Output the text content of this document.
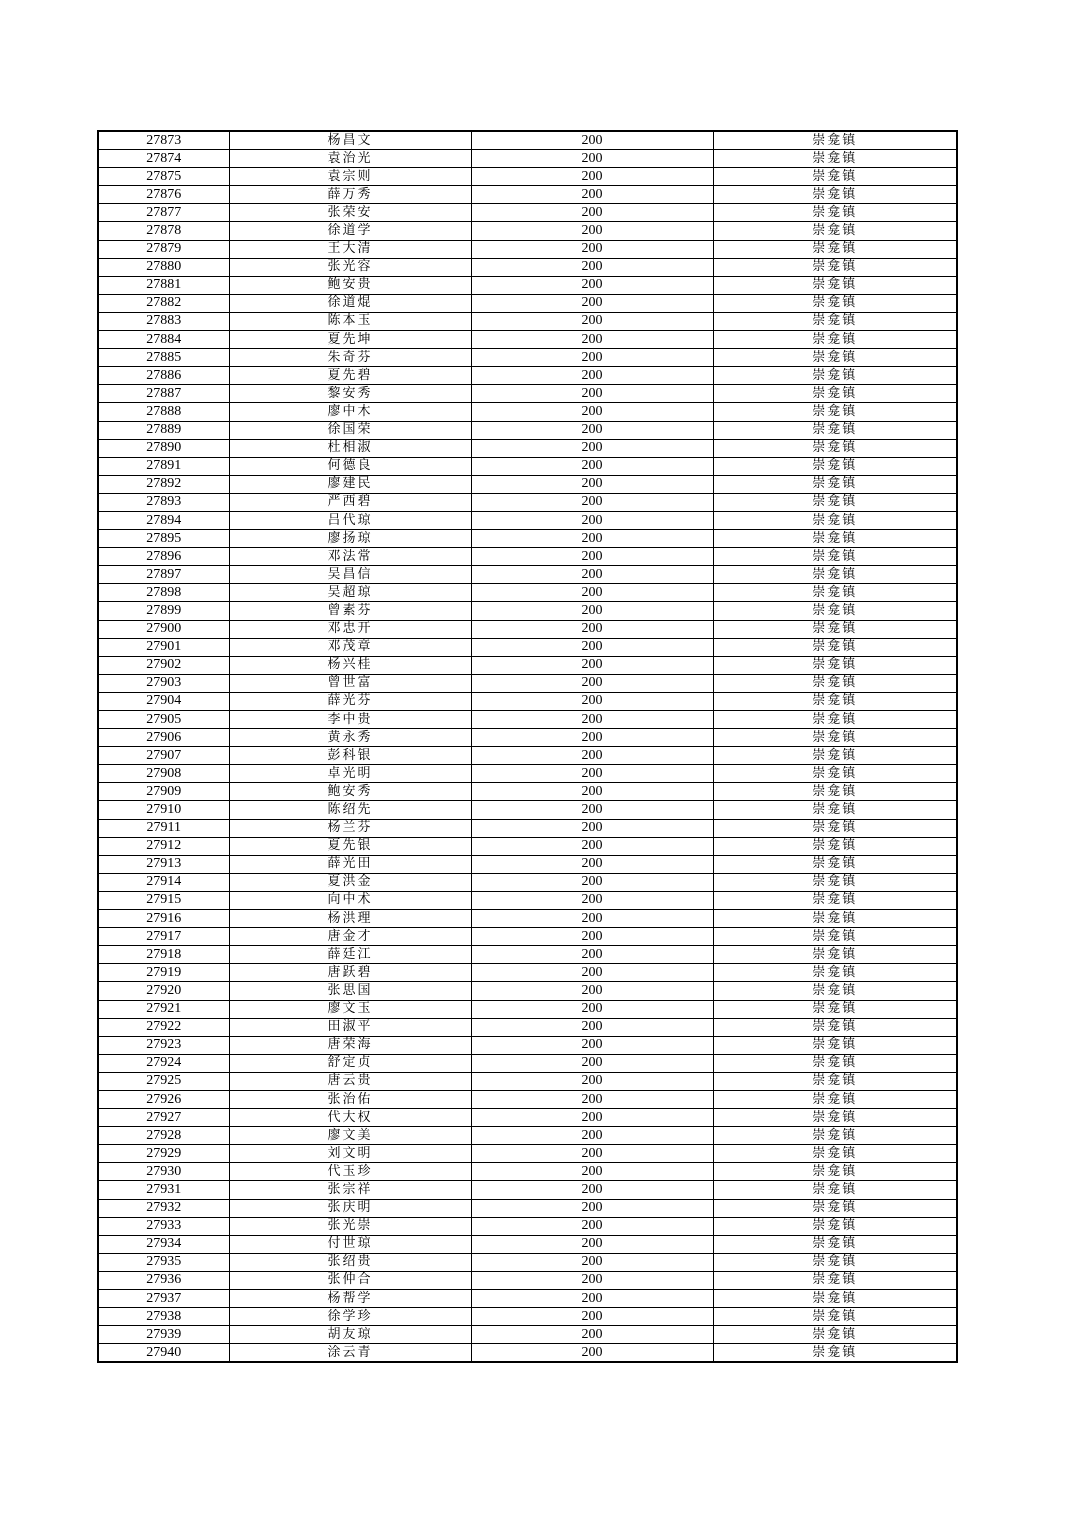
27873	杨昌文	200	崇龛镇
27874	袁治光	200	崇龛镇
27875	袁宗则	200	崇龛镇
27876	薛万秀	200	崇龛镇
27877	张荣安	200	崇龛镇
27878	徐道学	200	崇龛镇
27879	王大清	200	崇龛镇
27880	张光容	200	崇龛镇
27881	鲍安贵	200	崇龛镇
27882	徐道焜	200	崇龛镇
27883	陈本玉	200	崇龛镇
27884	夏先坤	200	崇龛镇
27885	朱奇芬	200	崇龛镇
27886	夏先碧	200	崇龛镇
27887	黎安秀	200	崇龛镇
27888	廖中木	200	崇龛镇
27889	徐国荣	200	崇龛镇
27890	杜相淑	200	崇龛镇
27891	何德良	200	崇龛镇
27892	廖建民	200	崇龛镇
27893	严西碧	200	崇龛镇
27894	吕代琼	200	崇龛镇
27895	廖扬琼	200	崇龛镇
27896	邓法常	200	崇龛镇
27897	吴昌信	200	崇龛镇
27898	吴超琼	200	崇龛镇
27899	曾素芬	200	崇龛镇
27900	邓忠开	200	崇龛镇
27901	邓茂章	200	崇龛镇
27902	杨兴桂	200	崇龛镇
27903	曾世富	200	崇龛镇
27904	薛光芬	200	崇龛镇
27905	李中贵	200	崇龛镇
27906	黄永秀	200	崇龛镇
27907	彭科银	200	崇龛镇
27908	卓光明	200	崇龛镇
27909	鲍安秀	200	崇龛镇
27910	陈绍先	200	崇龛镇
27911	杨兰芬	200	崇龛镇
27912	夏先银	200	崇龛镇
27913	薛光田	200	崇龛镇
27914	夏洪金	200	崇龛镇
27915	向中术	200	崇龛镇
27916	杨洪理	200	崇龛镇
27917	唐金才	200	崇龛镇
27918	薛廷江	200	崇龛镇
27919	唐跃碧	200	崇龛镇
27920	张思国	200	崇龛镇
27921	廖文玉	200	崇龛镇
27922	田淑平	200	崇龛镇
27923	唐荣海	200	崇龛镇
27924	舒定贞	200	崇龛镇
27925	唐云贵	200	崇龛镇
27926	张治佑	200	崇龛镇
27927	代大权	200	崇龛镇
27928	廖文美	200	崇龛镇
27929	刘文明	200	崇龛镇
27930	代玉珍	200	崇龛镇
27931	张宗祥	200	崇龛镇
27932	张庆明	200	崇龛镇
27933	张光崇	200	崇龛镇
27934	付世琼	200	崇龛镇
27935	张绍贵	200	崇龛镇
27936	张仲合	200	崇龛镇
27937	杨帮学	200	崇龛镇
27938	徐学珍	200	崇龛镇
27939	胡友琼	200	崇龛镇
27940	涂云青	200	崇龛镇
